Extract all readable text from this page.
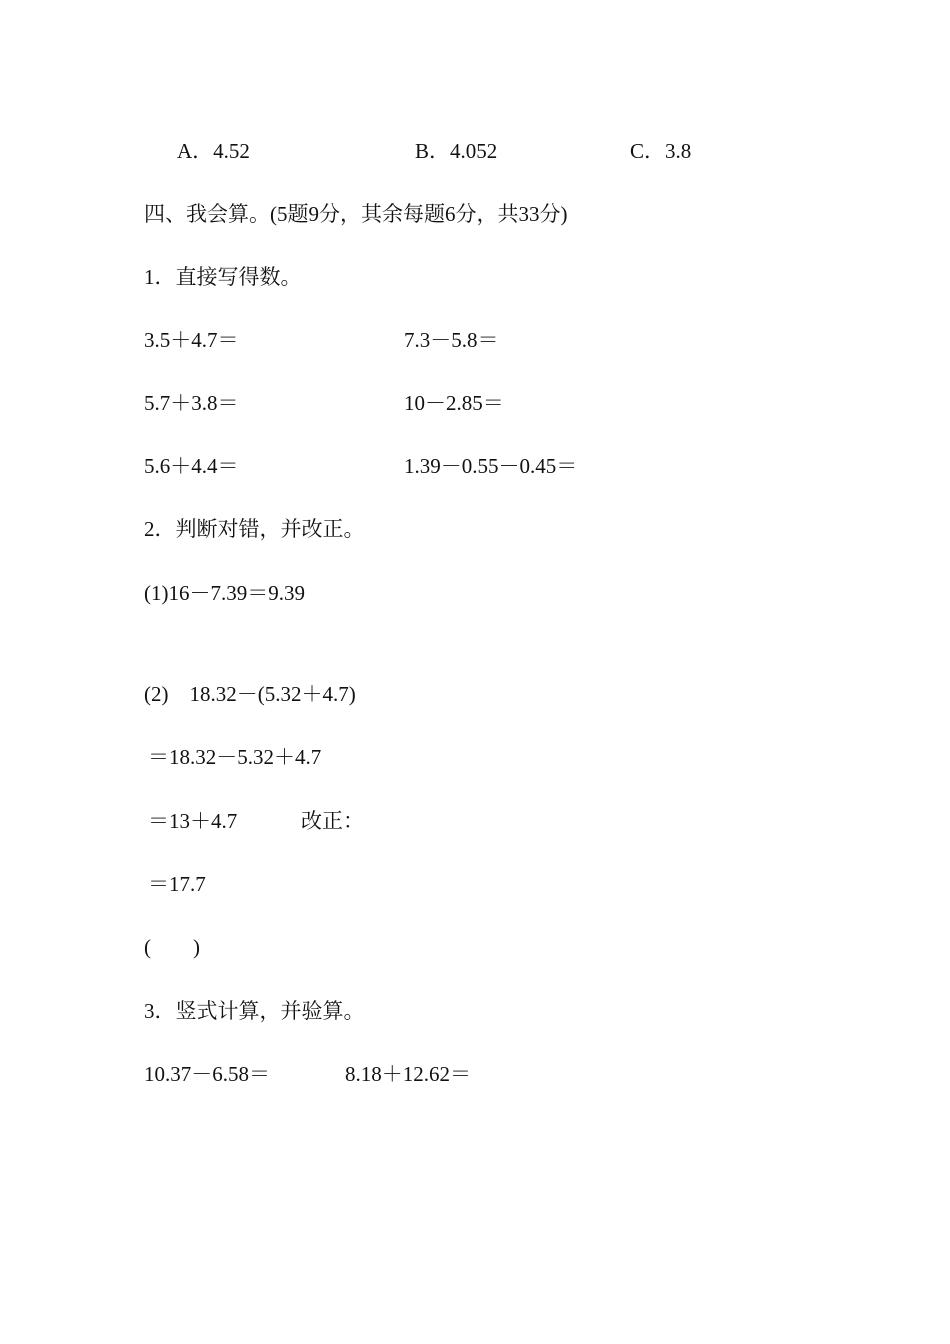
A．4.52	B．4.052	C．3.8
四、我会算。(5题9分，其余每题6分，共33分)
1．直接写得数。
3.5＋4.7＝	7.3－5.8＝
5.7＋3.8＝	10－2.85＝
5.6＋4.4＝	1.39－0.55－0.45＝
2．判断对错，并改正。
(1)16－7.39＝9.39
(2)　18.32－(5.32＋4.7)
＝18.32－5.32＋4.7
＝13＋4.7	改正：
＝17.7
(　　)
3．竖式计算，并验算。
10.37－6.58＝	8.18＋12.62＝
